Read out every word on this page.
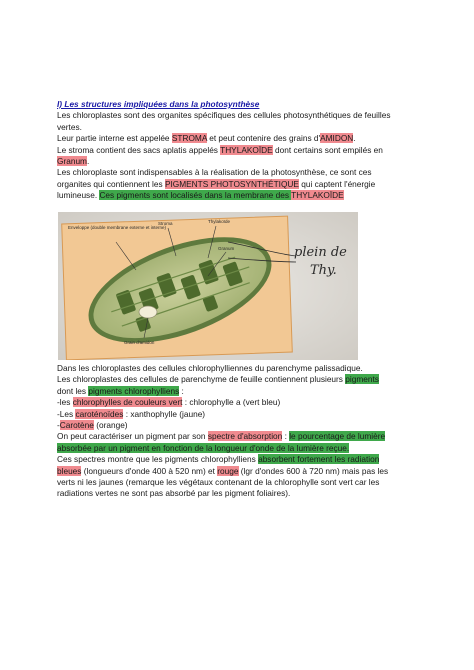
I) Les structures impliquées dans la photosynthèse

Les chloroplastes sont des organites spécifiques des cellules photosynthétiques de feuilles

vertes.

Leur partie interne est appelée STROMA et peut contenire des grains d'AMIDON.

Le stroma contient des sacs aplatis appelés THYLAKOÏDE dont certains sont empilés en

Granum.

Les chloroplaste sont indispensables à la réalisation de la photosynthèse, ce sont ces

organites qui contiennent les PIGMENTS PHOTOSYNTHÉTIQUE qui captent l'énergie

lumineuse. Ces pigments sont localisés dans la membrane des THYLAKOÏDE

Enveloppe (double membrane externe et interne)
Stroma	Thylakoïde
Granum
Grain d'amidon
plein de
Thy.

Dans les chloroplastes des cellules chlorophylliennes du parenchyme palissadique.

Les chloroplastes des cellules de parenchyme de feuille contiennent plusieurs pigments

dont les pigments chlorophylliens :

-les chlorophylles de couleurs vert : chlorophylle a (vert bleu)

-Les caroténoïdes : xanthophylle (jaune)

-Carotène (orange)

On peut caractériser un pigment par son spectre d'absorption : le pourcentage de lumière

absorbée par un pigment en fonction de la longueur d'onde de la lumière reçue.

Ces spectres montre que les pigments chlorophylliens absorbent fortement les radiation

bleues (longueurs d'onde 400 à 520 nm) et rouge (lgr d'ondes 600 à 720 nm) mais pas les

verts ni les jaunes (remarque les végétaux contenant de la chlorophylle sont vert car les

radiations vertes ne sont pas absorbé par les pigment foliaires).
